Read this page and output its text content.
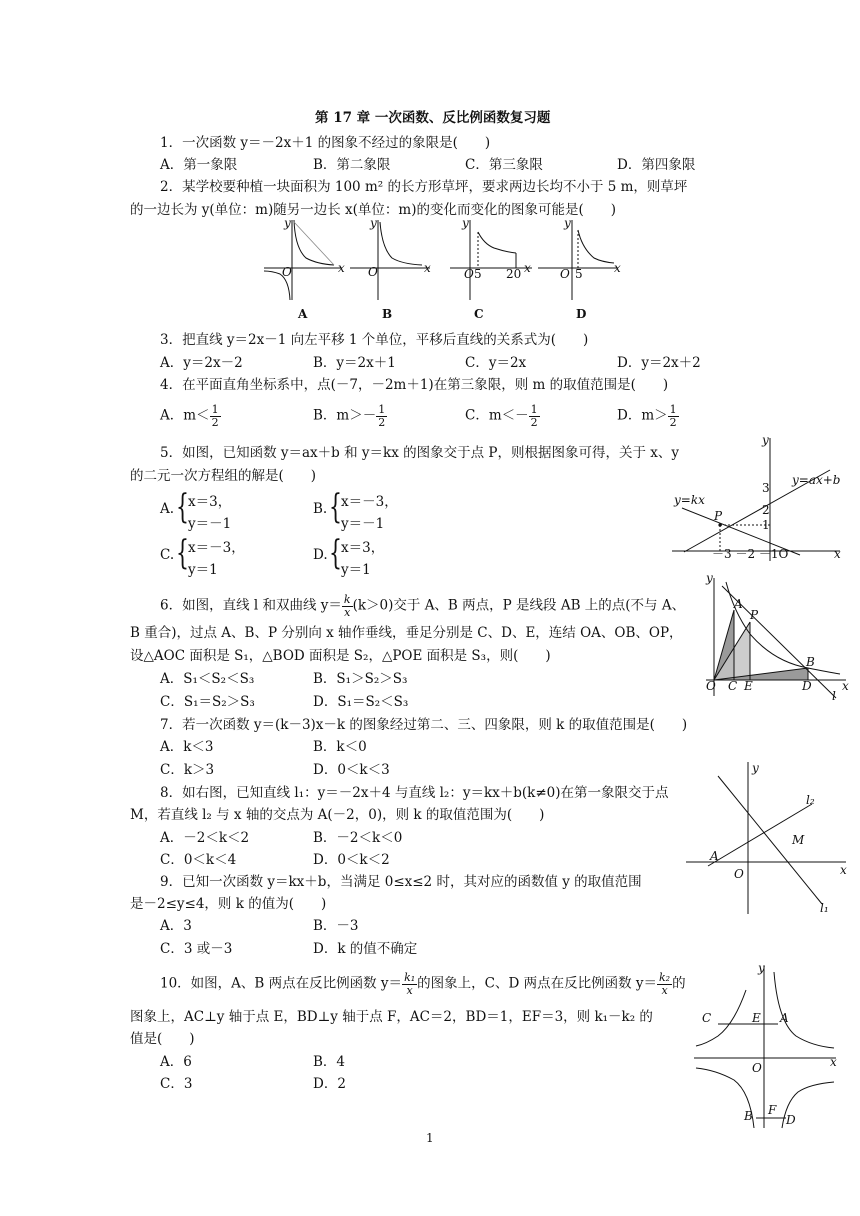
第 17 章 一次函数、反比例函数复习题
1．一次函数 y＝－2x＋1 的图象不经过的象限是(　　)
A．第一象限	B．第二象限	C．第三象限	D．第四象限
2．某学校要种植一块面积为 100 m² 的长方形草坪，要求两边长均不小于 5 m，则草坪
的一边长为 y(单位：m)随另一边长 x(单位：m)的变化而变化的图象可能是(　　)
y
O	x
A
y
O	x
B
y
O 5 20 x
C
y
O 5	x
D
3．把直线 y＝2x－1 向左平移 1 个单位，平移后直线的关系式为(　　)
A．y＝2x－2	B．y＝2x＋1	C．y＝2x	D．y＝2x＋2
4．在平面直角坐标系中，点(－7，－2m＋1)在第三象限，则 m 的取值范围是(　　)
A．$m< \frac{1}{2}$	B．$m>- \frac{1}{2}$	C．$m<- \frac{1}{2}$	D．$m> \frac{1}{2}$
5．如图，已知函数 y＝ax＋b 和 y＝kx 的图象交于点 P，则根据图象可得，关于 x、y
的二元一次方程组的解是(　　)
A. { x＝3，
y＝－1
B. { x＝－3，
y＝－1
C. { x＝－3，
y＝1
D. { x＝3，
y＝1
y
x
y=ax+b
y=kx
P
3
2
1
－3 －2 －1O
6．如图，直线 l 和双曲线 $y= \frac{k}{x} (k>0)$交于 A、B 两点，P 是线段 AB 上的点(不与 A、
B 重合)，过点 A、B、P 分别向 x 轴作垂线，垂足分别是 C、D、E，连结 OA、OB、OP，
设△AOC 面积是 S₁，△BOD 面积是 S₂，△POE 面积是 S₃，则(　　)
A．S₁＜S₂＜S₃	B．S₁＞S₂＞S₃
C．S₁＝S₂＞S₃	D．S₁＝S₂＜S₃
y
x
A
P
B
O C E	D
l
7．若一次函数 y＝(k－3)x－k 的图象经过第二、三、四象限，则 k 的取值范围是(　　)
A．k＜3	B．k＜0
C．k＞3	D．0＜k＜3
8．如右图，已知直线 l₁：y＝－2x＋4 与直线 l₂：y＝kx＋b(k≠0)在第一象限交于点
M，若直线 l₂ 与 x 轴的交点为 A(－2，0)，则 k 的取值范围为(　　)
A．－2＜k＜2	B．－2＜k＜0
C．0＜k＜4	D．0＜k＜2
y
x
l₂
M
A
O
l₁
9．已知一次函数 y＝kx＋b，当满足 0≤x≤2 时，其对应的函数值 y 的取值范围
是－2≤y≤4，则 k 的值为(　　)
A．3	B．－3
C．3 或－3	D．k 的值不确定
10．如图，A、B 两点在反比例函数 $y= \frac{\text{k₁}}{x}$ 的图象上，C、D 两点在反比例函数 $y= \frac{\text{k₂}}{x}$ 的
图象上，AC⊥y 轴于点 E，BD⊥y 轴于点 F，AC＝2，BD＝1，EF＝3，则 k₁－k₂ 的
值是(　　)
A．6	B．4
C．3	D．2
y
x
C	E A
O
B F
D
1
